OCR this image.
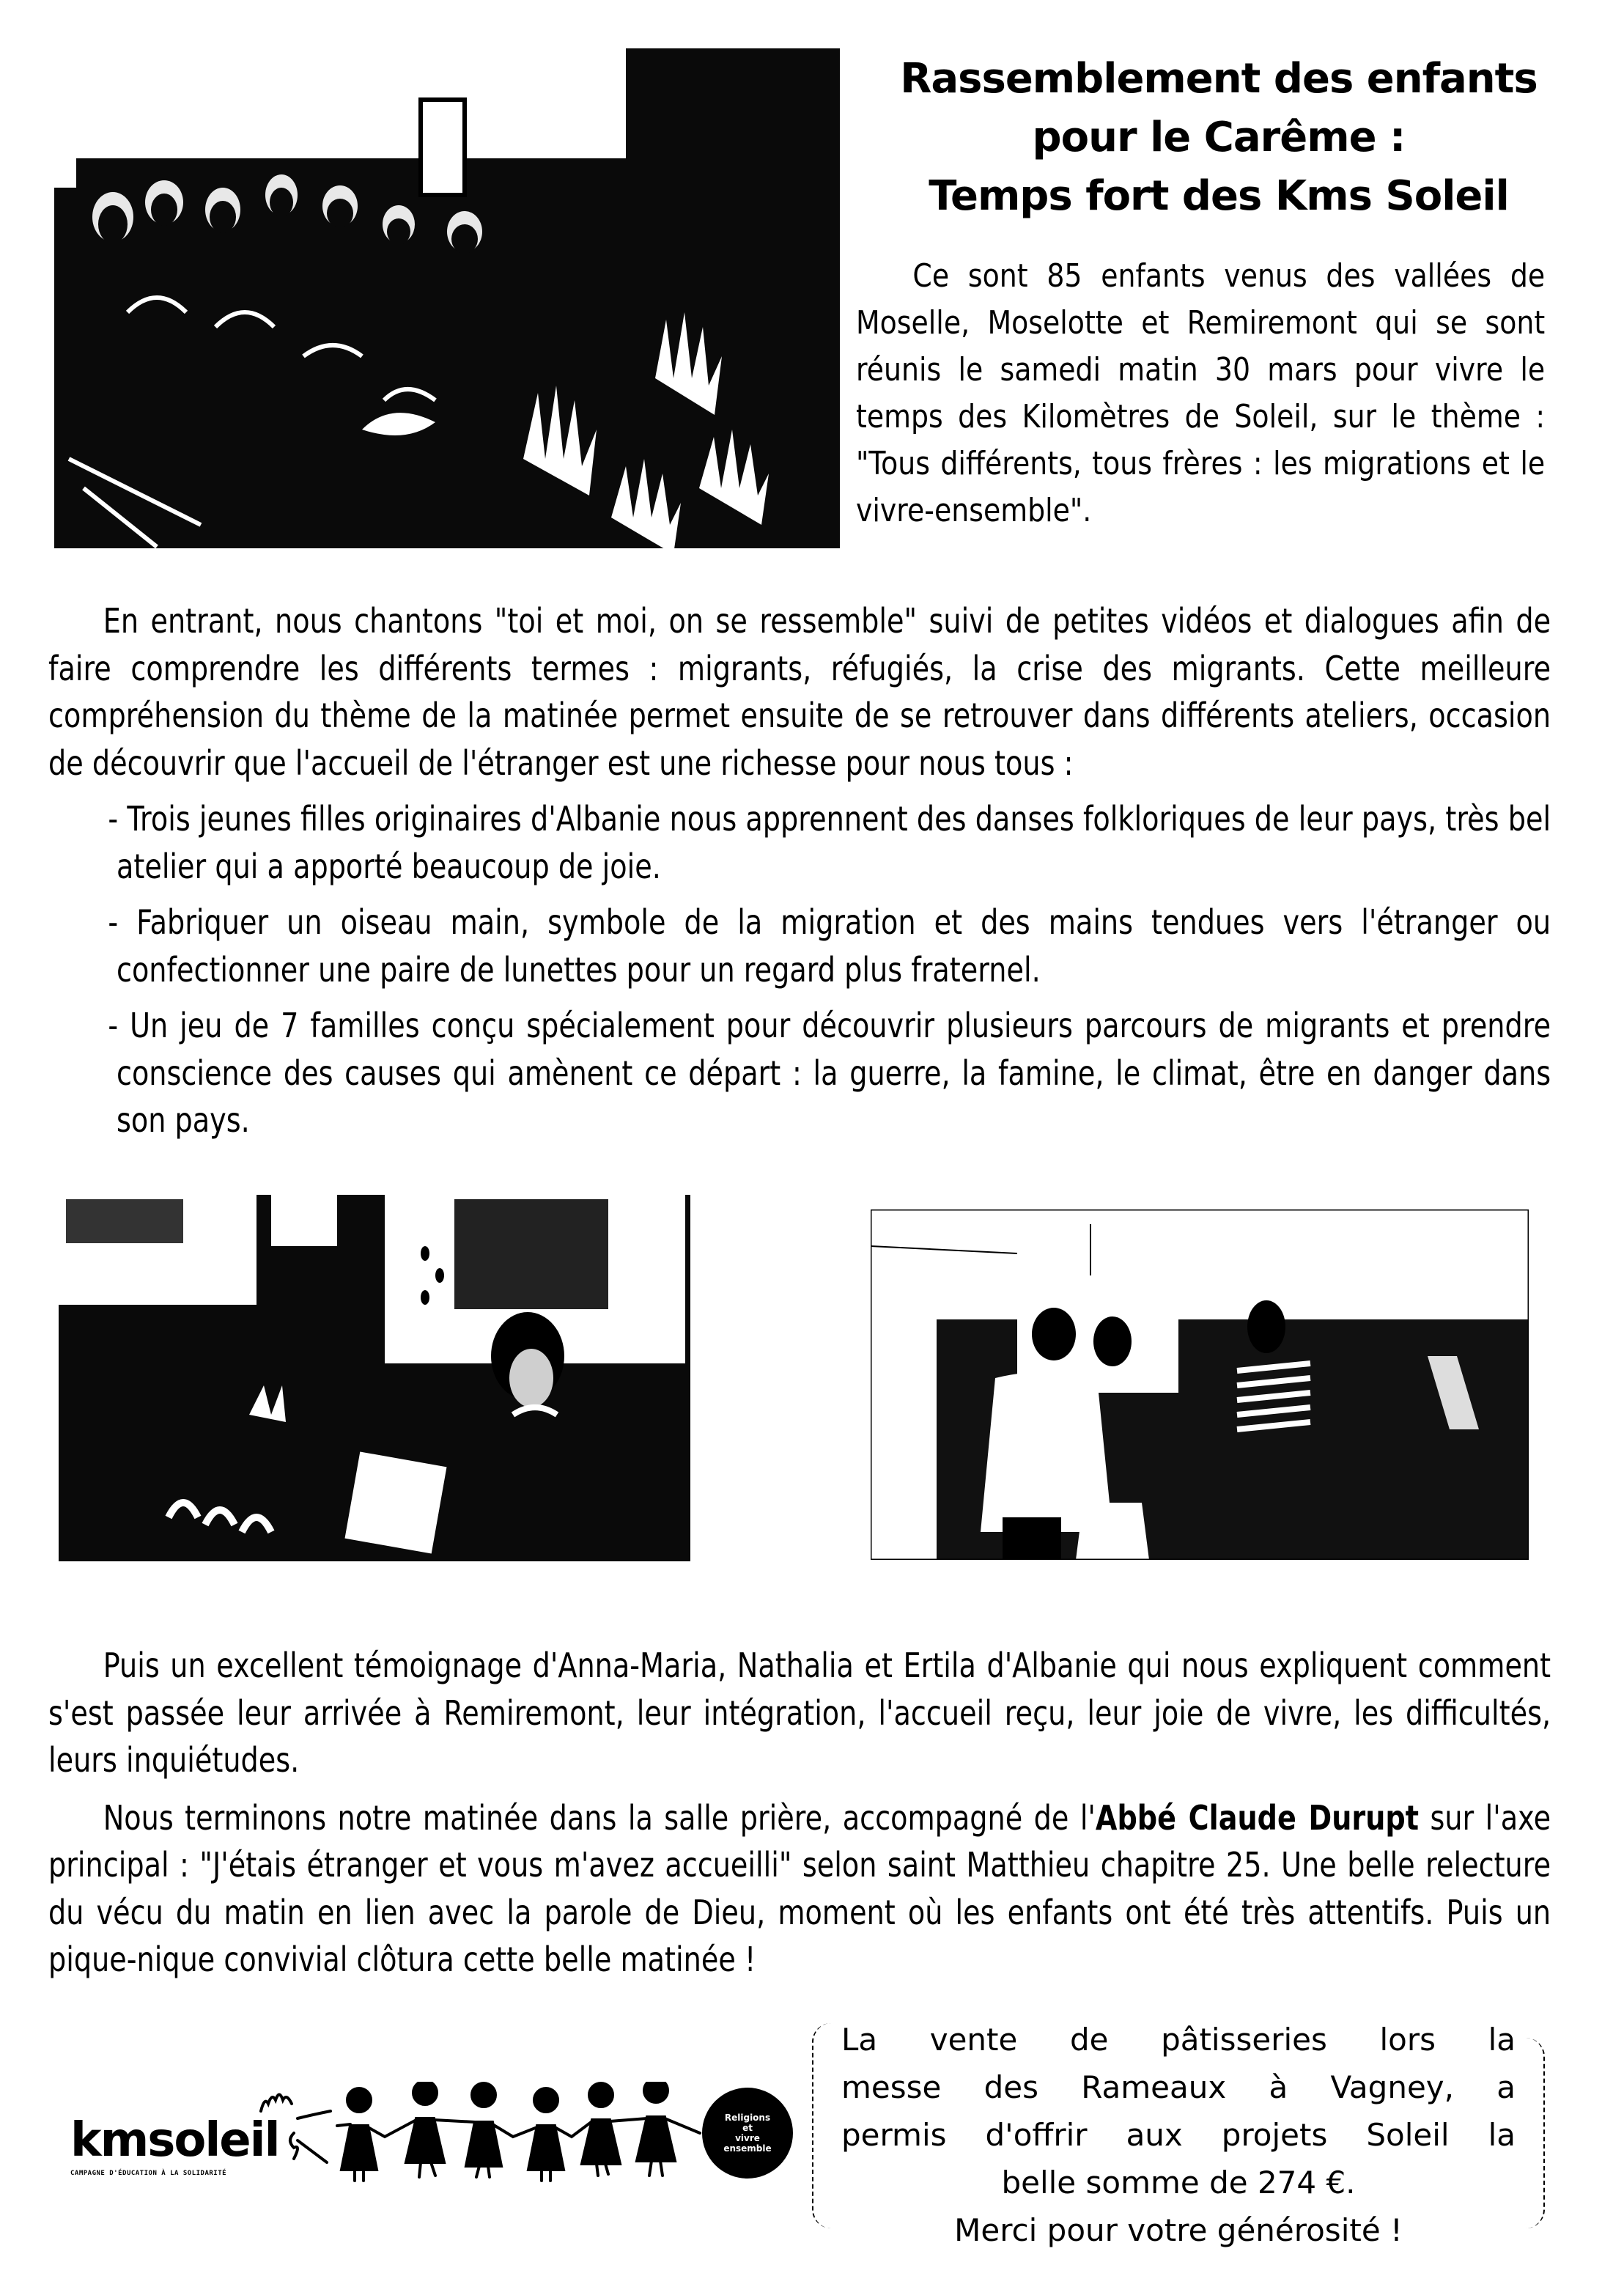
Rassemblement des enfants
pour le Carême :
Temps fort des Kms Soleil
Ce sont 85 enfants venus des vallées de Moselle, Moselotte et Remiremont qui se sont réunis le samedi matin 30 mars pour vivre le temps des Kilomètres de Soleil, sur le thème : "Tous différents, tous frères : les migrations et le vivre-ensemble".

En entrant, nous chantons "toi et moi, on se ressemble" suivi de petites vidéos et dialogues afin de faire comprendre les différents termes : migrants, réfugiés, la crise des migrants. Cette meilleure compréhension du thème de la matinée permet ensuite de se retrouver dans différents ateliers, occasion de découvrir que l'accueil de l'étranger est une richesse pour nous tous :

- Trois jeunes filles originaires d'Albanie nous apprennent des danses folkloriques de leur pays, très bel atelier qui a apporté beaucoup de joie.

- Fabriquer un oiseau main, symbole de la migration et des mains tendues vers l'étranger ou confectionner une paire de lunettes pour un regard plus fraternel.

- Un jeu de 7 familles conçu spécialement pour découvrir plusieurs parcours de migrants et prendre conscience des causes qui amènent ce départ : la guerre, la famine, le climat, être en danger dans son pays.

Puis un excellent témoignage d'Anna-Maria, Nathalia et Ertila d'Albanie qui nous expliquent comment s'est passée leur arrivée à Remiremont, leur intégration, l'accueil reçu, leur joie de vivre, les difficultés, leurs inquiétudes.

Nous terminons notre matinée dans la salle prière, accompagné de l'Abbé Claude Durupt sur l'axe principal : "J'étais étranger et vous m'avez accueilli" selon saint Matthieu chapitre 25. Une belle relecture du vécu du matin en lien avec la parole de Dieu, moment où les enfants ont été très attentifs. Puis un pique-nique convivial clôtura cette belle matinée !

kmsoleil
CAMPAGNE D'ÉDUCATION À LA SOLIDARITÉ
Religions
et
vivre
ensemble
La vente de pâtisseries lors la
messe des Rameaux à Vagney, a
permis d'offrir aux projets Soleil la
belle somme de 274 €.
Merci pour votre générosité !
